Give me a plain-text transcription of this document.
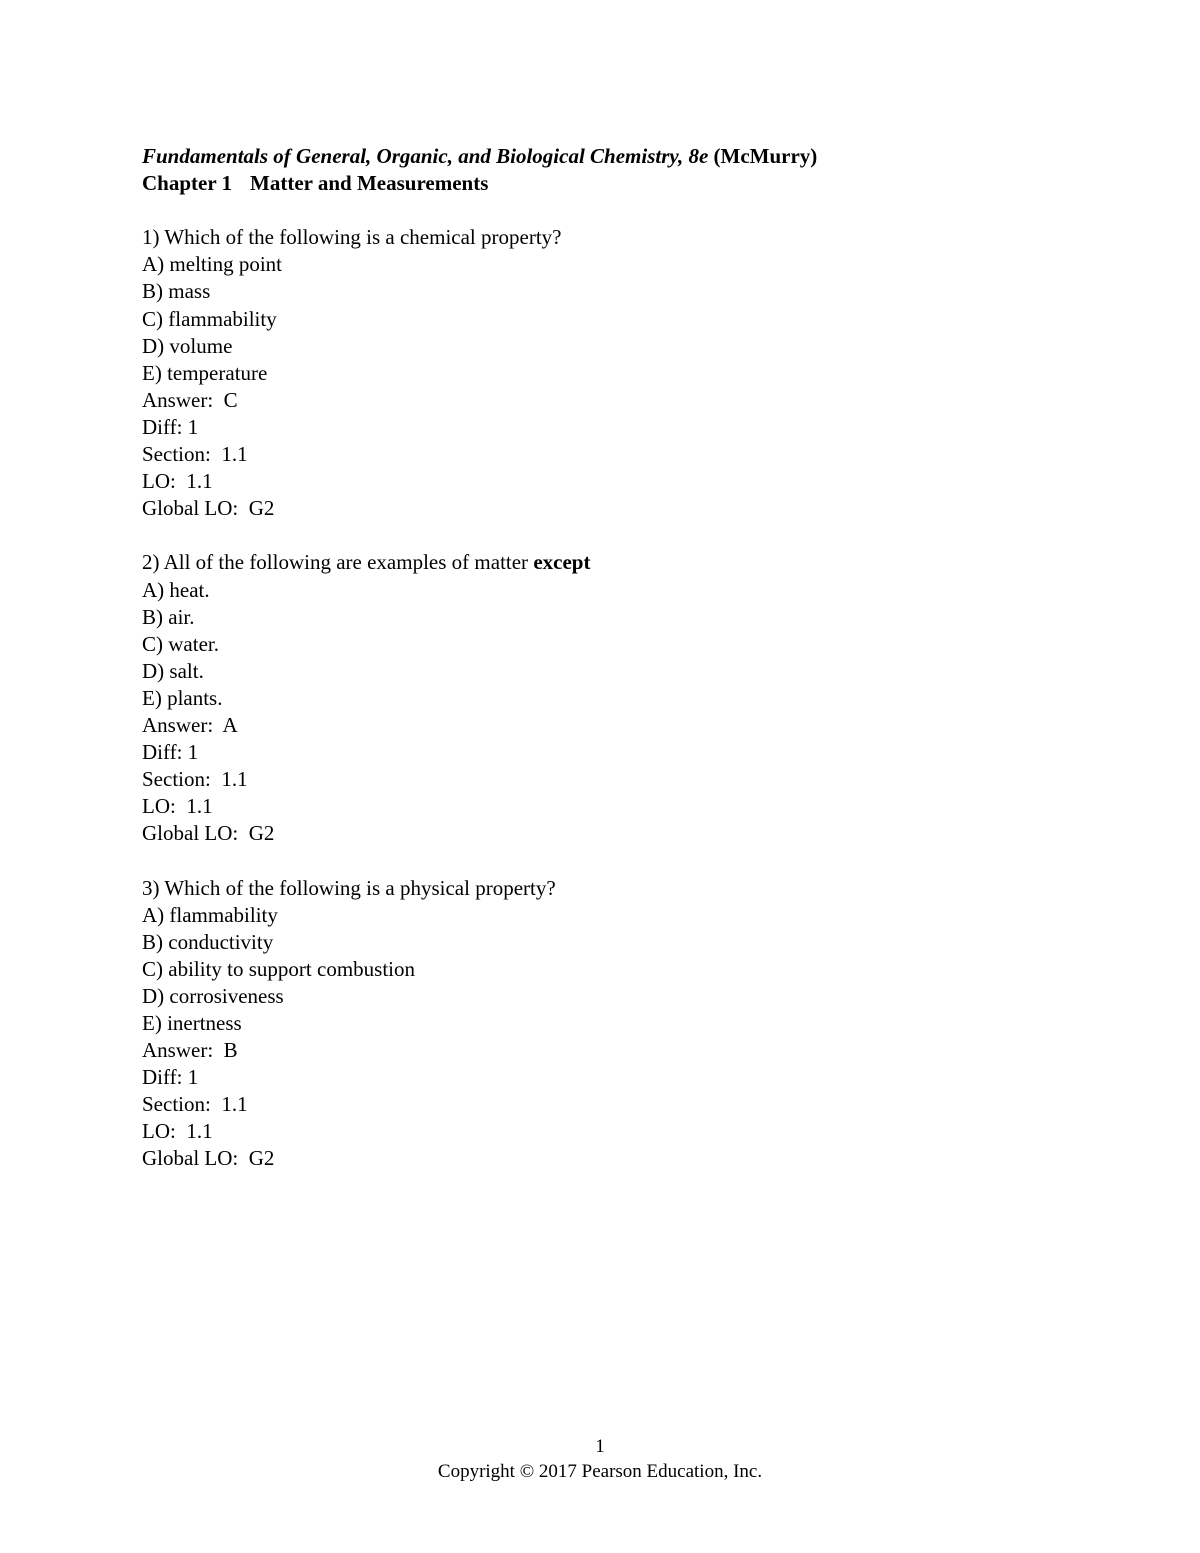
Fundamentals of General, Organic, and Biological Chemistry, 8e (McMurry)
Chapter 1 Matter and Measurements
1) Which of the following is a chemical property?
A) melting point
B) mass
C) flammability
D) volume
E) temperature
Answer:  C
Diff: 1
Section:  1.1
LO:  1.1
Global LO:  G2
2) All of the following are examples of matter except
A) heat.
B) air.
C) water.
D) salt.
E) plants.
Answer:  A
Diff: 1
Section:  1.1
LO:  1.1
Global LO:  G2
3) Which of the following is a physical property?
A) flammability
B) conductivity
C) ability to support combustion
D) corrosiveness
E) inertness
Answer:  B
Diff: 1
Section:  1.1
LO:  1.1
Global LO:  G2
1
Copyright © 2017 Pearson Education, Inc.
